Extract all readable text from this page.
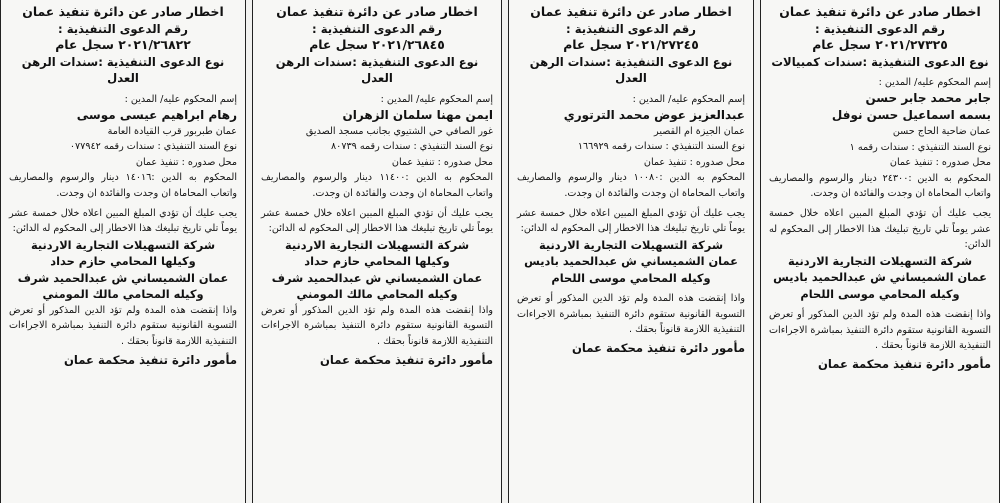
اخطار صادر عن دائرة تنفيذ عمان
رقم الدعوى التنفيذية :
٢٠٢١/٢٦٨٢٢ سجل عام
نوع الدعوى التنفيذية :سندات الرهن العدل
إسم المحكوم عليه/ المدين :
رهام ابراهيم عيسى موسى
عمان طبربور قرب القيادة العامة
نوع السند التنفيذي : سندات رقمه ٠٧٧٩٤٢
محل صدوره : تنفيذ عمان
المحكوم به الدين :١٤٠١٦ دينار والرسوم والمصاريف واتعاب المحاماة ان وجدت والفائدة ان وجدت.
يجب عليك أن تؤدي المبلغ المبين اعلاه خلال خمسة عشر يوماً تلي تاريخ تبليغك هذا الاخطار إلى المحكوم له الدائن:
شركة التسهيلات التجارية الاردنية
وكيلها المحامي حازم حداد
عمان الشميساني ش عبدالحميد شرف
وكيله المحامي مالك المومني
واذا إنقضت هذه المدة ولم تؤد الدين المذكور أو تعرض التسوية القانونية ستقوم دائرة التنفيذ بمباشرة الاجراءات التنفيذية اللازمة قانوناً بحقك .
مأمور دائرة تنفيذ محكمة عمان
اخطار صادر عن دائرة تنفيذ عمان
رقم الدعوى التنفيذية :
٢٠٢١/٢٦٨٤٥ سجل عام
نوع الدعوى التنفيذية :سندات الرهن العدل
إسم المحكوم عليه/ المدين :
ايمن مهنا سلمان الزهران
غور الصافي حي الشتيوي بجانب مسجد الصديق
نوع السند التنفيذي : سندات رقمه ٨٠٧٣٩
محل صدوره : تنفيذ عمان
المحكوم به الدين :١١٤٠٠ دينار والرسوم والمصاريف واتعاب المحاماة ان وجدت والفائدة ان وجدت.
يجب عليك أن تؤدي المبلغ المبين اعلاه خلال خمسة عشر يوماً تلي تاريخ تبليغك هذا الاخطار إلى المحكوم له الدائن:
شركة التسهيلات التجارية الاردنية
وكيلها المحامي حازم حداد
عمان الشميساني ش عبدالحميد شرف
وكيله المحامي مالك المومني
واذا إنقضت هذه المدة ولم تؤد الدين المذكور أو تعرض التسوية القانونية ستقوم دائرة التنفيذ بمباشرة الاجراءات التنفيذية اللازمة قانوناً بحقك .
مأمور دائرة تنفيذ محكمة عمان
اخطار صادر عن دائرة تنفيذ عمان
رقم الدعوى التنفيذية :
٢٠٢١/٢٧٢٤٥ سجل عام
نوع الدعوى التنفيذية :سندات الرهن العدل
إسم المحكوم عليه/ المدين :
عبدالعزيز عوض محمد الترتوري
عمان الجيزة ام القصير
نوع السند التنفيذي : سندات رقمه ١٦٦٩٢٩
محل صدوره : تنفيذ عمان
المحكوم به الدين :١٠٠٨٠ دينار والرسوم والمصاريف واتعاب المحاماة ان وجدت والفائدة ان وجدت.
يجب عليك أن تؤدي المبلغ المبين اعلاه خلال خمسة عشر يوماً تلي تاريخ تبليغك هذا الاخطار إلى المحكوم له الدائن:
شركة التسهيلات التجارية الاردنية
عمان الشميساني ش عبدالحميد باديس
وكيله المحامي موسى اللحام
واذا إنقضت هذه المدة ولم تؤد الدين المذكور أو تعرض التسوية القانونية ستقوم دائرة التنفيذ بمباشرة الاجراءات التنفيذية اللازمة قانوناً بحقك .
مأمور دائرة تنفيذ محكمة عمان
اخطار صادر عن دائرة تنفيذ عمان
رقم الدعوى التنفيذية :
٢٠٢١/٢٧٣٢٥ سجل عام
نوع الدعوى التنفيذية :سندات كمبيالات
إسم المحكوم عليه/ المدين :
جابر محمد جابر حسن
بسمه اسماعيل حسن نوفل
عمان ضاحية الحاج حسن
نوع السند التنفيذي : سندات رقمه ١
محل صدوره : تنفيذ عمان
المحكوم به الدين :٢٤٣٠٠ دينار والرسوم والمصاريف واتعاب المحاماة ان وجدت والفائدة ان وجدت.
يجب عليك أن تؤدي المبلغ المبين اعلاه خلال خمسة عشر يوماً تلي تاريخ تبليغك هذا الاخطار إلى المحكوم له الدائن:
شركة التسهيلات التجارية الاردنية
عمان الشميساني ش عبدالحميد باديس
وكيله المحامي موسى اللحام
واذا إنقضت هذه المدة ولم تؤد الدين المذكور أو تعرض التسوية القانونية ستقوم دائرة التنفيذ بمباشرة الاجراءات التنفيذية اللازمة قانوناً بحقك .
مأمور دائرة تنفيذ محكمة عمان
